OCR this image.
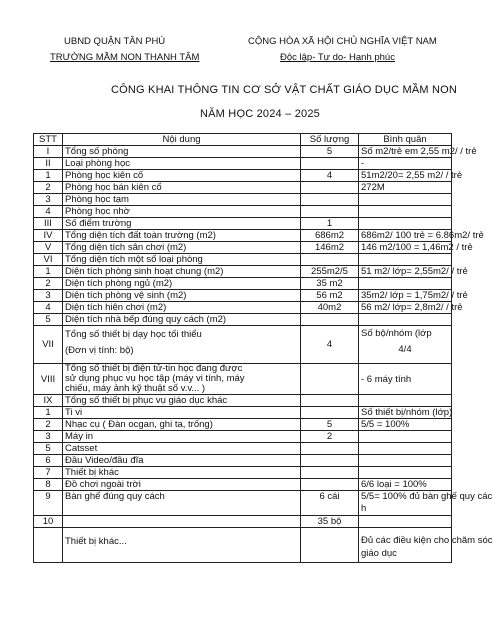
UBND QUẬN TÂN PHÚ
TRƯỜNG MẦM NON THANH TÂM
CỘNG HÒA XÃ HỘI CHỦ NGHĨA VIỆT NAM
Độc lập- Tự do- Hạnh phúc
CÔNG KHAI THÔNG TIN CƠ SỞ VẬT CHẤT GIÁO DỤC MẦM NON
NĂM HỌC 2024 – 2025
STT	Nội dung	Số lượng	Bình quân
I	Tổng số phòng	5	Số m2/trẻ em 2,55 m2/ / trẻ
II	Loại phòng học		-
1	Phòng học kiên cố	4	51m2/20= 2,55 m2/ / trẻ
2	Phòng học bán kiên cố		272M
3	Phòng học tạm		
4	Phòng học nhờ		
III	Số điểm trường	1	
IV	Tổng diện tích đất toàn trường (m2)	686m2	686m2/ 100 trẻ = 6.86m2/ trẻ
V	Tổng diện tích sân chơi (m2)	146m2	146 m2/100 = 1,46m2 / trẻ
VI	Tổng diện tích một số loại phòng		
1	Diện tích phòng sinh hoạt chung (m2)	255m2/5	51 m2/ lớp= 2,55m2/ / trẻ
2	Diện tích phòng ngủ (m2)	35 m2	
3	Diện tích phòng vệ sinh (m2)	56 m2	35m2/ lớp = 1,75m2/ / trẻ
4	Diện tích hiên chơi (m2)	40m2	56 m2/ lớp= 2,8m2/ / trẻ
5	Diện tích nhà bếp đúng quy cách (m2)		
VII	Tổng số thiết bị dạy học tối thiểu
(Đơn vị tính: bộ)	4	Số bộ/nhóm (lớp
4/4

VIII	Tổng số thiết bị điện tử-tin học đang được
sử dụng phục vụ học tập (máy vi tính, máy
chiếu, máy ảnh kỹ thuật số v.v... )		- 6 máy tính
IX	Tổng số thiết bị phục vụ giáo dục khác		
1	Ti vi		Số thiết bị/nhóm (lớp)
2	Nhạc cụ ( Đàn ocgan, ghi ta, trống)	5	5/5 = 100%
3	Máy in	2	
5	Catsset		
6	Đầu Video/đầu đĩa		
7	Thiết bị khác		
8	Đồ chơi ngoài trời		6/6 loại = 100%
9	Bàn ghế đúng quy cách	6 cái	5/5= 100% đủ bàn ghế quy các
h

10		35 bộ	
	Thiết bị khác...		Đủ các điều kiện cho chăm sóc
giáo dục
